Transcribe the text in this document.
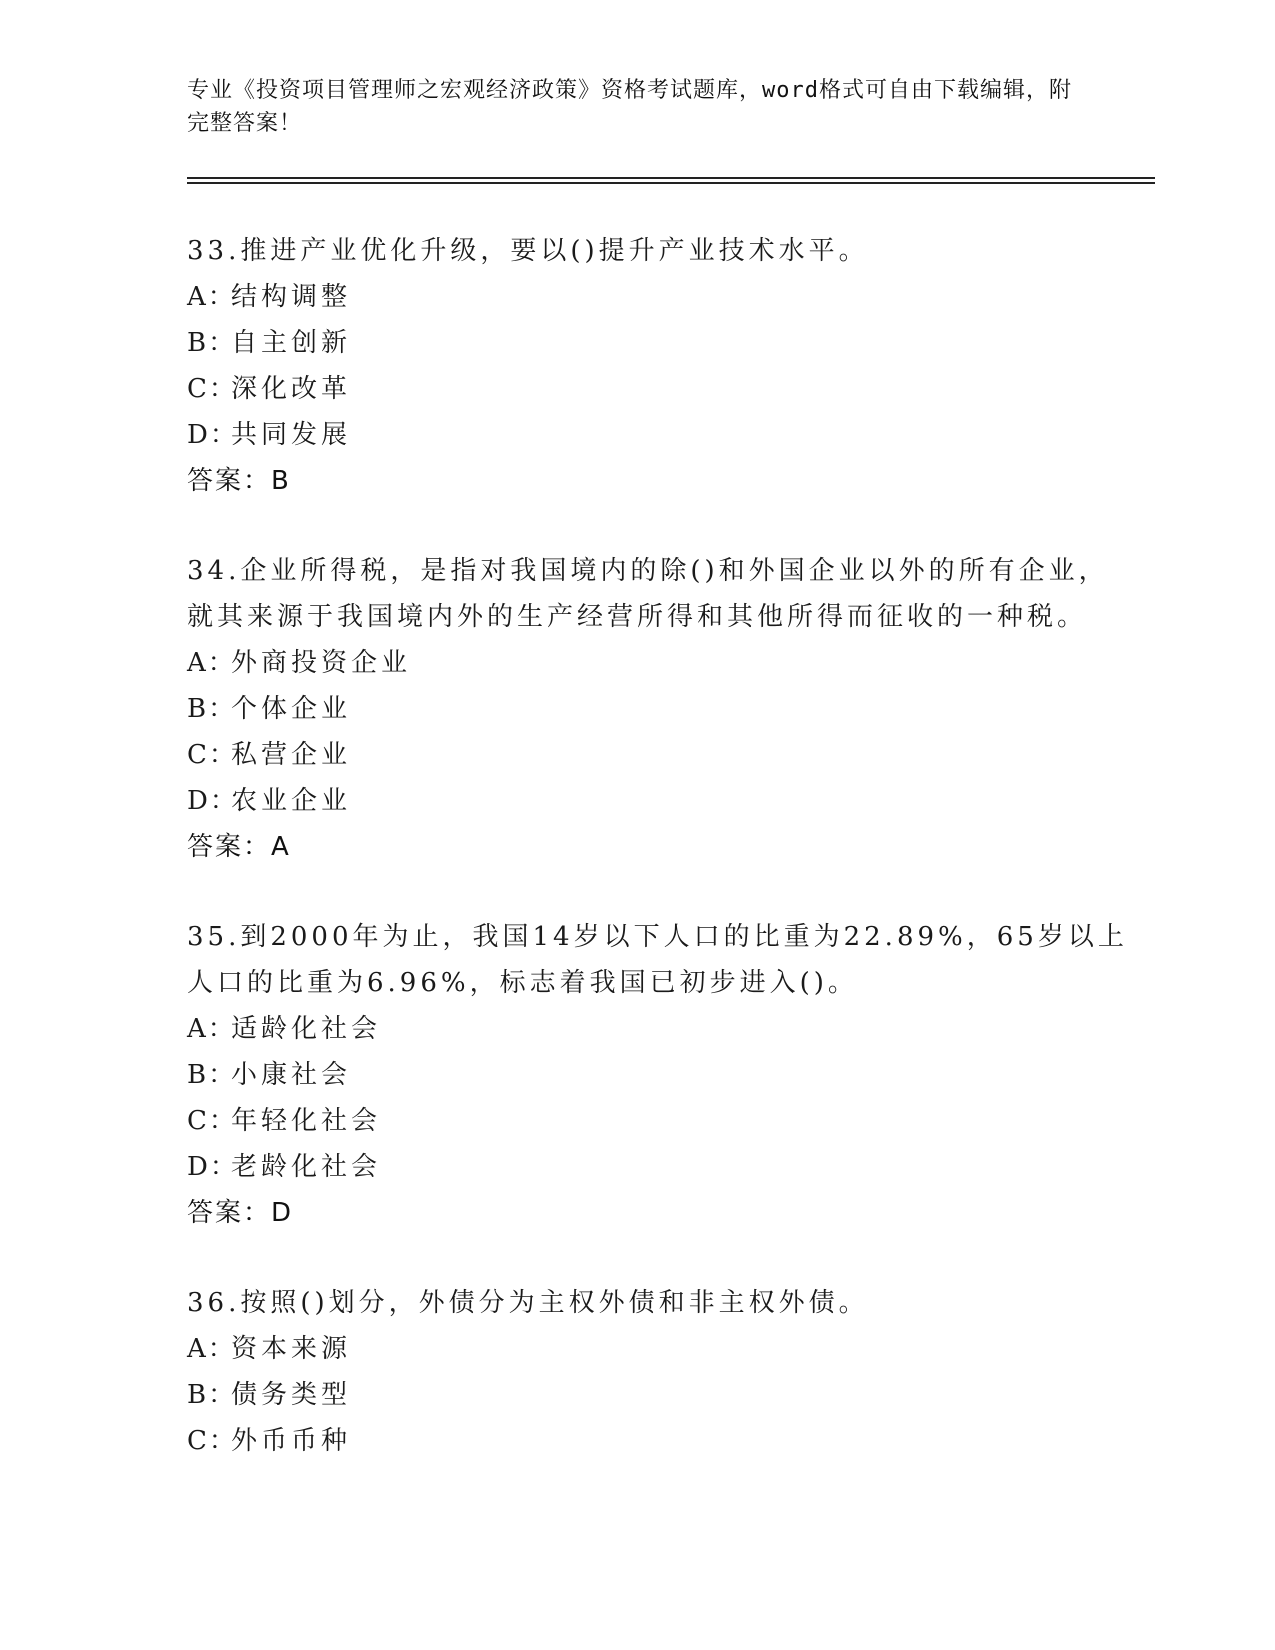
专业《投资项目管理师之宏观经济政策》资格考试题库，word格式可自由下载编辑，附完整答案！
33.推进产业优化升级，要以()提升产业技术水平。
A：结构调整
B：自主创新
C：深化改革
D：共同发展
答案：B
34.企业所得税，是指对我国境内的除()和外国企业以外的所有企业，
就其来源于我国境内外的生产经营所得和其他所得而征收的一种税。
A：外商投资企业
B：个体企业
C：私营企业
D：农业企业
答案：A
35.到2000年为止，我国14岁以下人口的比重为22.89%，65岁以上
人口的比重为6.96%，标志着我国已初步进入()。
A：适龄化社会
B：小康社会
C：年轻化社会
D：老龄化社会
答案：D
36.按照()划分，外债分为主权外债和非主权外债。
A：资本来源
B：债务类型
C：外币币种
